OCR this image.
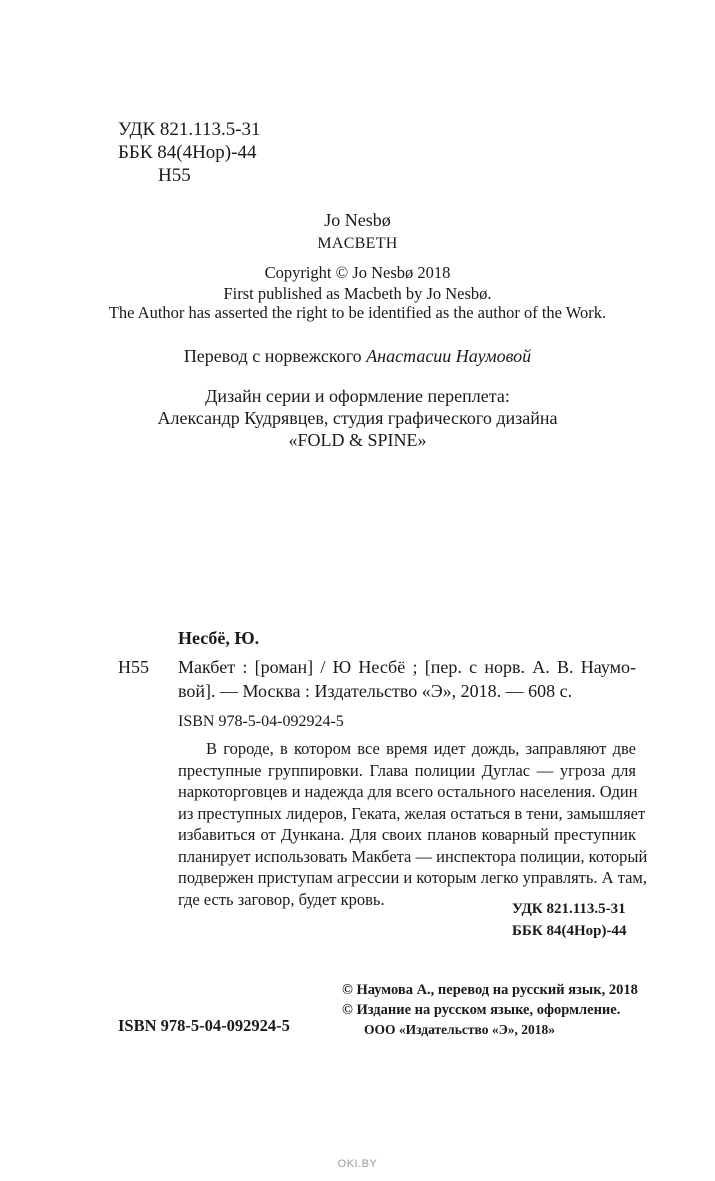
УДК 821.113.5-31
ББК 84(4Нор)-44
Н55
Jo Nesbø
MACBETH
Copyright © Jo Nesbø 2018
First published as Macbeth by Jo Nesbø.
The Author has asserted the right to be identified as the author of the Work.
Перевод с норвежского Анастасии Наумовой
Дизайн серии и оформление переплета:
Александр Кудрявцев, студия графического дизайна
«FOLD & SPINE»
Несбё, Ю.
Н55 Макбет : [роман] / Ю Несбё ; [пер. с норв. А. В. Наумо-
вой]. — Москва : Издательство «Э», 2018. — 608 с.
ISBN 978-5-04-092924-5
В городе, в котором все время идет дождь, заправляют две
преступные группировки. Глава полиции Дуглас — угроза для
наркоторговцев и надежда для всего остального населения. Один
из преступных лидеров, Геката, желая остаться в тени, замышляет
избавиться от Дункана. Для своих планов коварный преступник
планирует использовать Макбета — инспектора полиции, который
подвержен приступам агрессии и которым легко управлять. А там,
где есть заговор, будет кровь.
УДК 821.113.5-31
ББК 84(4Нор)-44
© Наумова А., перевод на русский язык, 2018
© Издание на русском языке, оформление.
ООО «Издательство «Э», 2018»
ISBN 978-5-04-092924-5
OKI.BY
